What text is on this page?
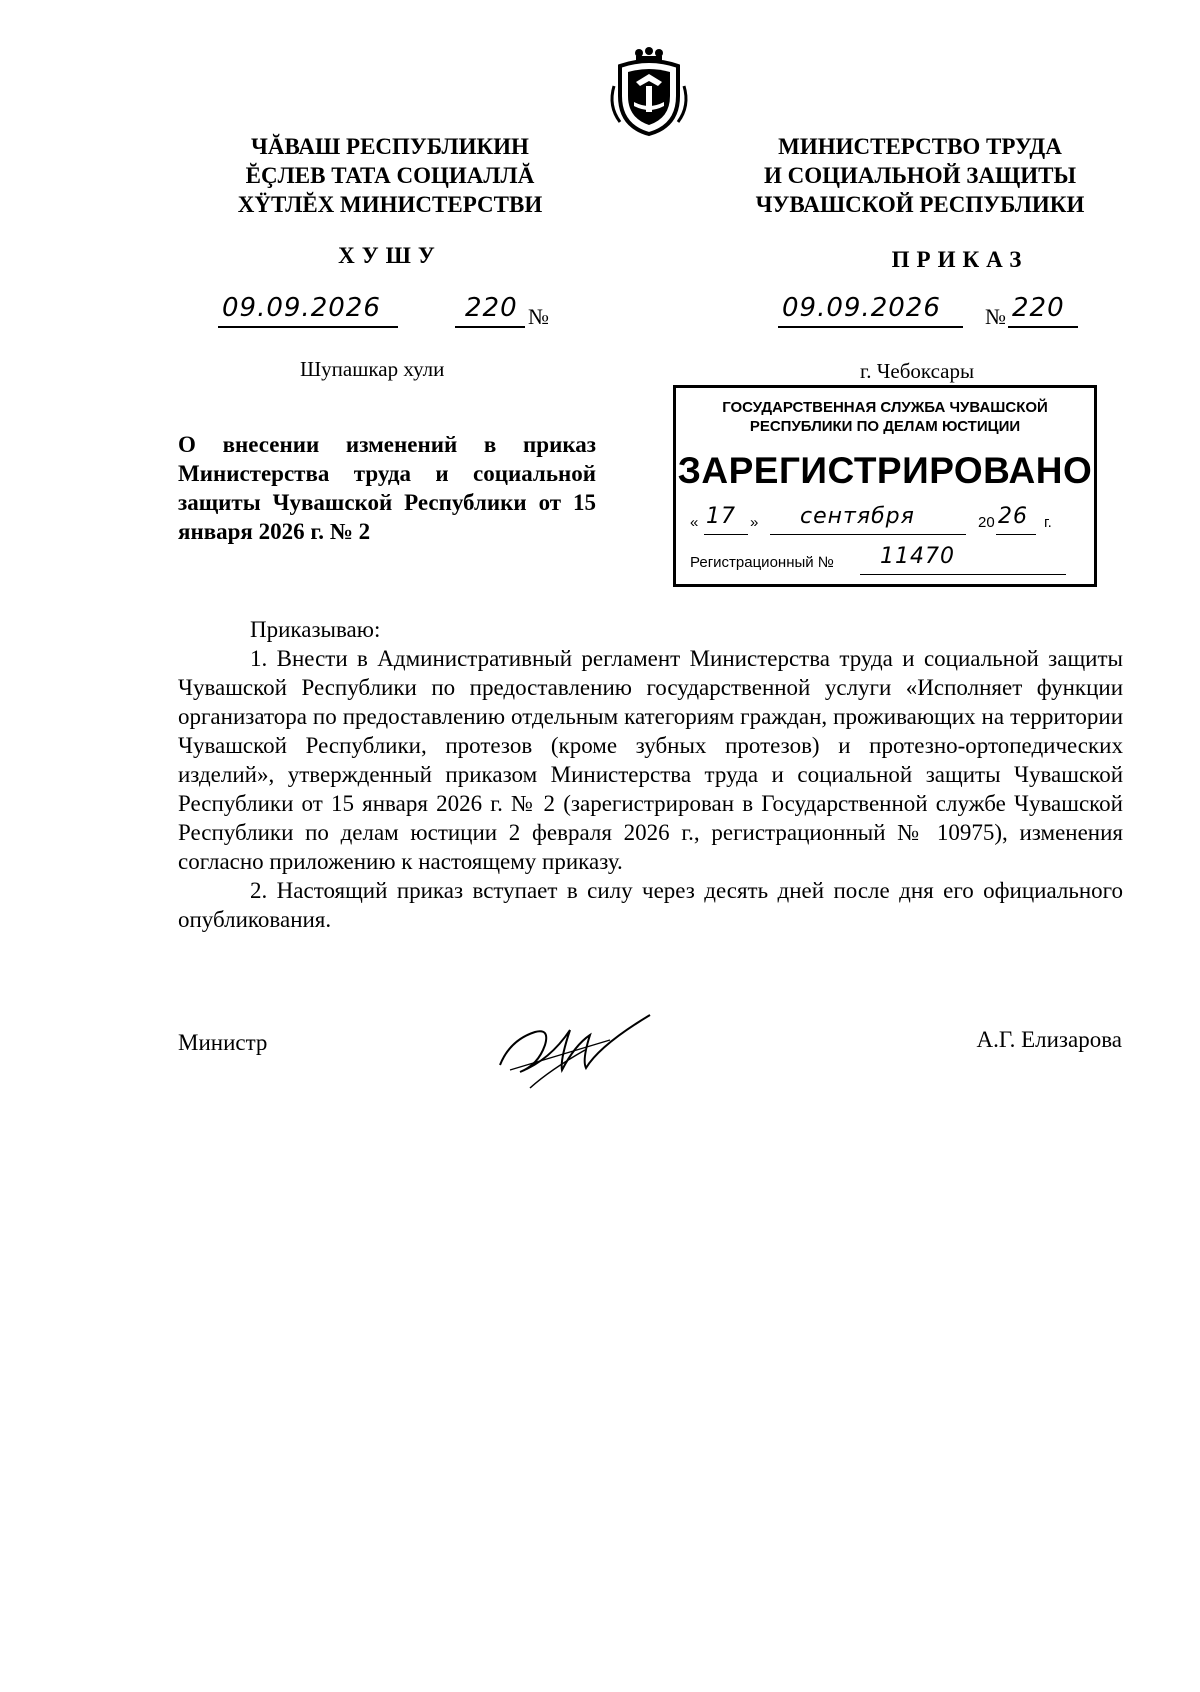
ЧĂВАШ РЕСПУБЛИКИН
ĔÇЛЕВ ТАТА СОЦИАЛЛĂ
ХŸТЛĔХ МИНИСТЕРСТВИ
МИНИСТЕРСТВО ТРУДА
И СОЦИАЛЬНОЙ ЗАЩИТЫ
ЧУВАШСКОЙ РЕСПУБЛИКИ
ХУШУ	ПРИКАЗ
09.09.2026	220 №	09.09.2026 № 220
Шупашкар хули	г. Чебоксары
ГОСУДАРСТВЕННАЯ СЛУЖБА ЧУВАШСКОЙ
РЕСПУБЛИКИ ПО ДЕЛАМ ЮСТИЦИИ
ЗАРЕГИСТРИРОВАНО
« 17 » сентября	20 26 г.
Регистрационный № 11470
О внесении изменений в приказ Министерства труда и социальной защиты Чувашской Республики от 15 января 2026 г. № 2

Приказываю:

1. Внести в Административный регламент Министерства труда и социальной защиты Чувашской Республики по предоставлению государственной услуги «Исполняет функции организатора по предоставлению отдельным категориям граждан, проживающих на территории Чувашской Республики, протезов (кроме зубных протезов) и протезно-ортопедических изделий», утвержденный приказом Министерства труда и социальной защиты Чувашской Республики от 15 января 2026 г. № 2 (зарегистрирован в Государственной службе Чувашской Республики по делам юстиции 2 февраля 2026 г., регистрационный № 10975), изменения согласно приложению к настоящему приказу.

2. Настоящий приказ вступает в силу через десять дней после дня его официального опубликования.

Министр	А.Г. Елизарова
